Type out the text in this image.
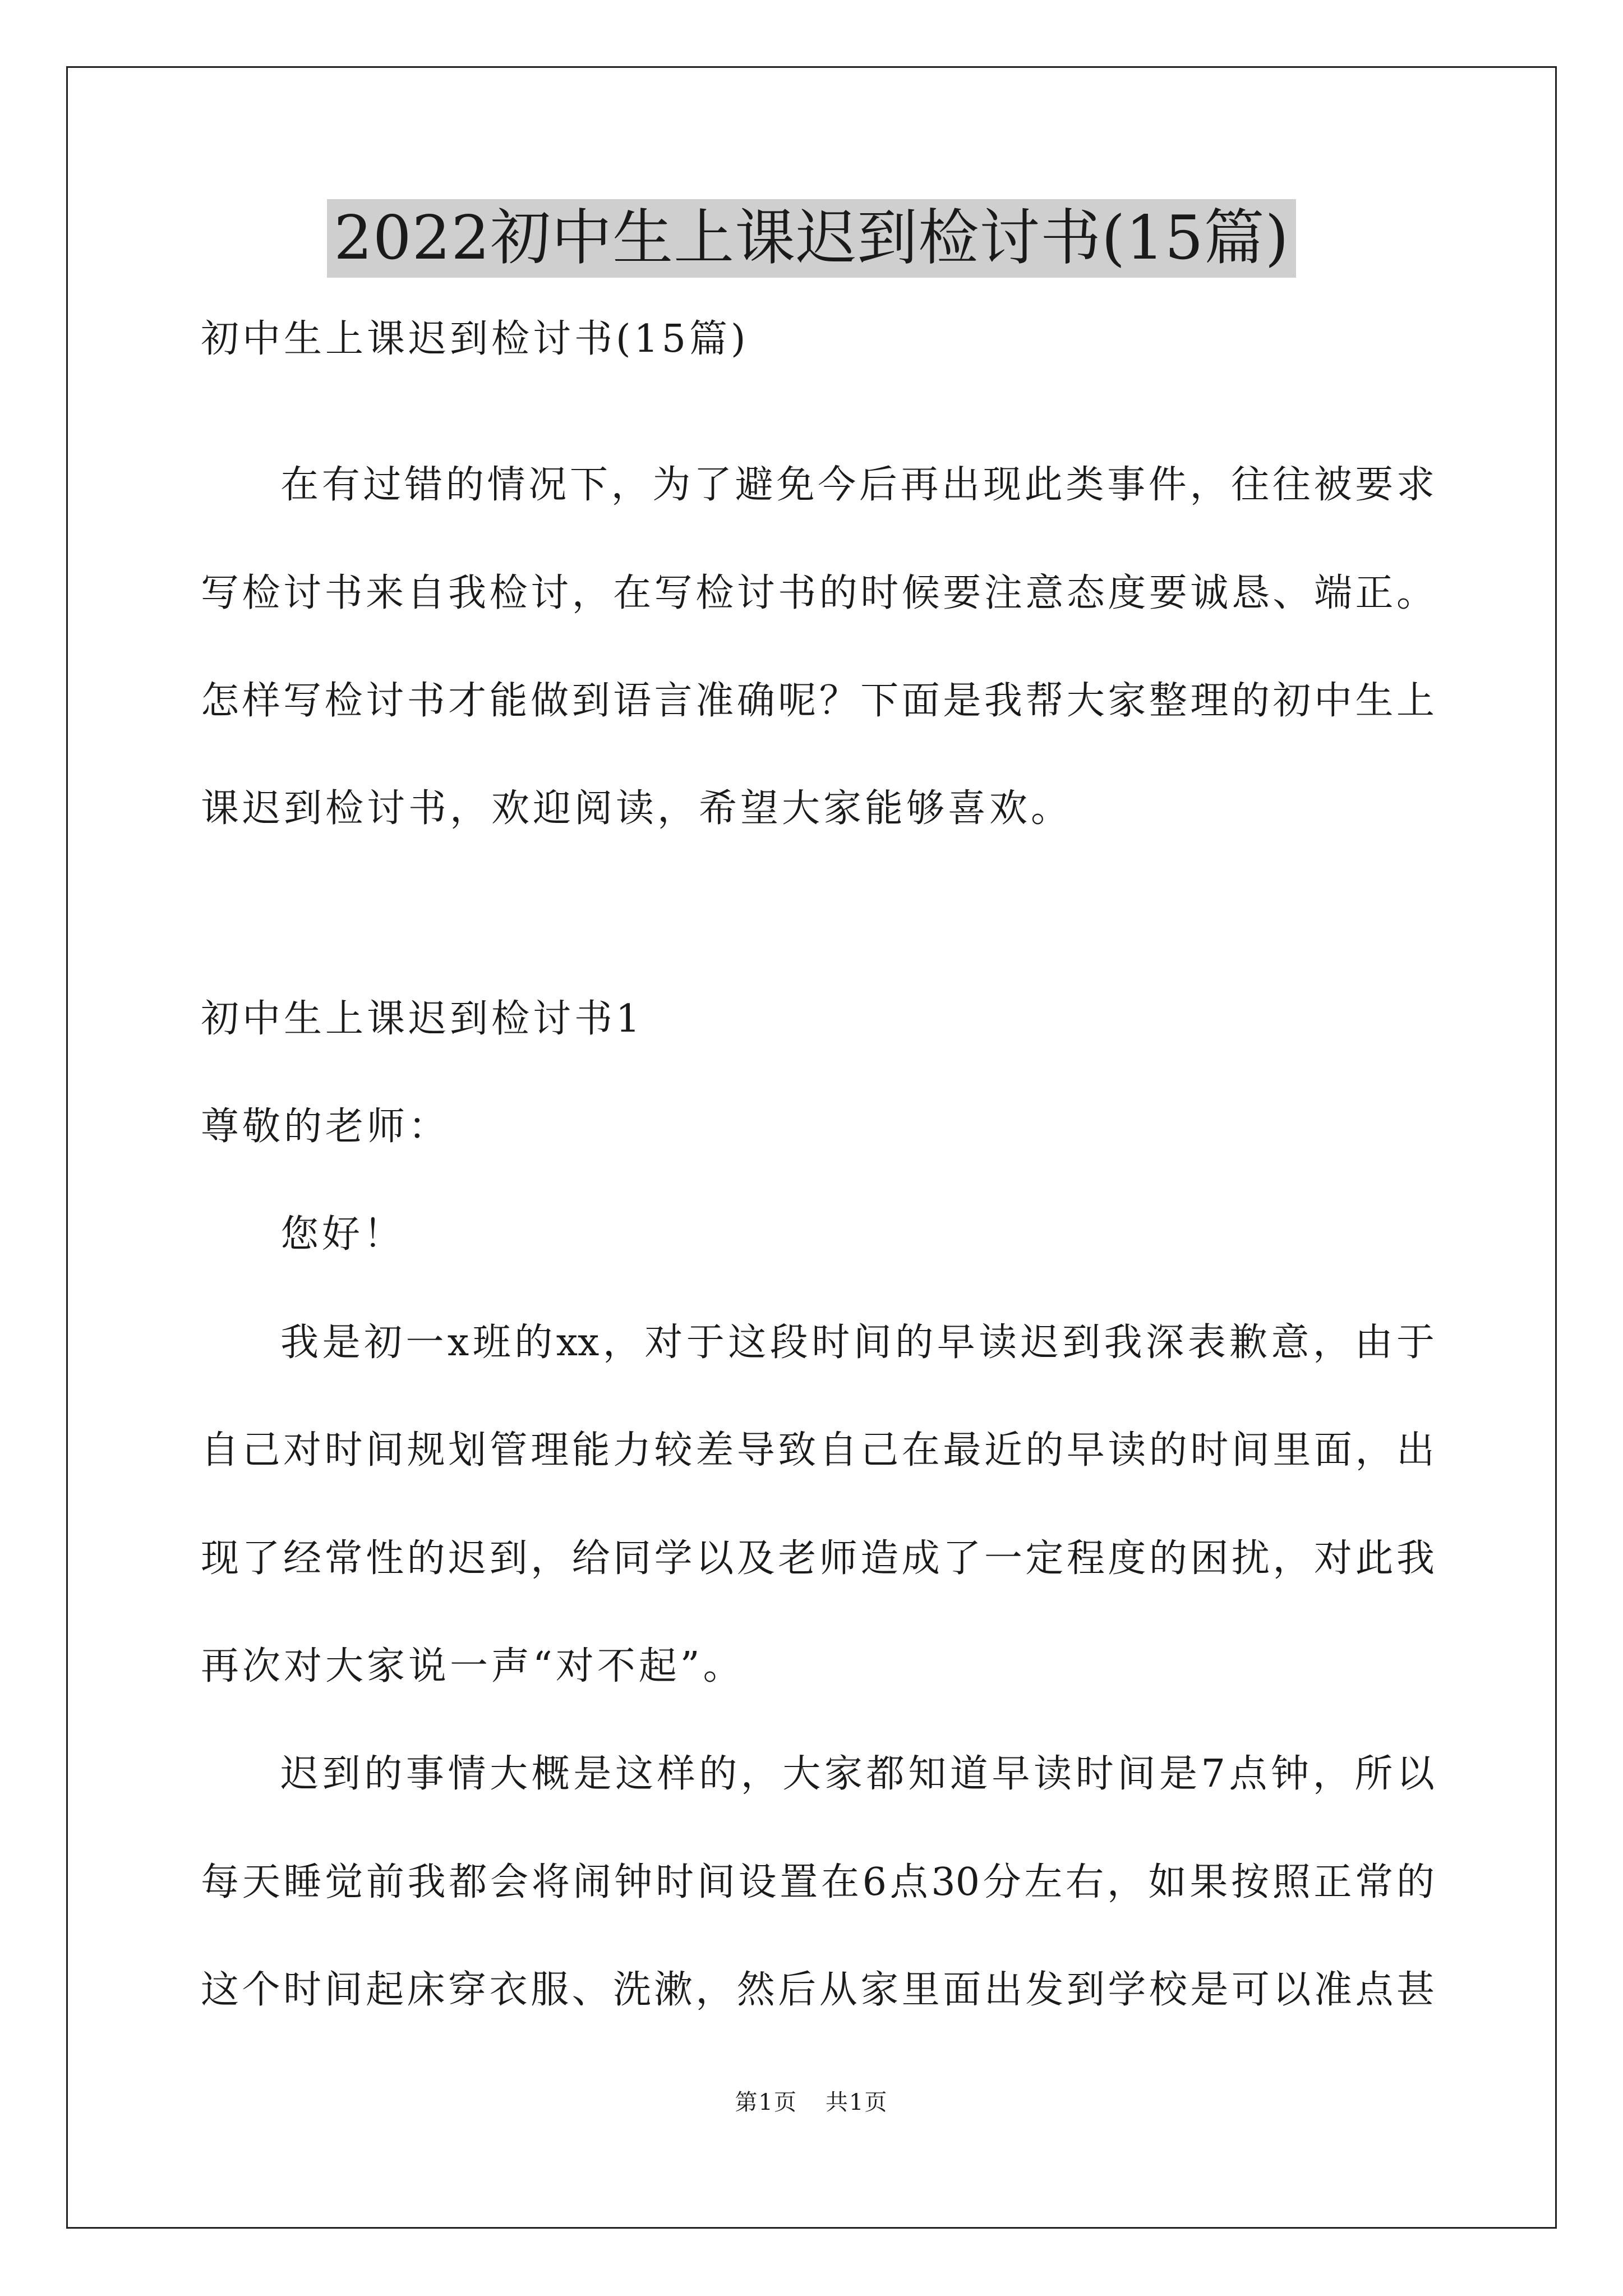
2022初中生上课迟到检讨书(15篇)
初中生上课迟到检讨书(15篇)
在有过错的情况下，为了避免今后再出现此类事件，往往被要求
写检讨书来自我检讨，在写检讨书的时候要注意态度要诚恳、端正。
怎样写检讨书才能做到语言准确呢？下面是我帮大家整理的初中生上
课迟到检讨书，欢迎阅读，希望大家能够喜欢。
初中生上课迟到检讨书1
尊敬的老师：
您好！
我是初一x班的xx，对于这段时间的早读迟到我深表歉意，由于
自己对时间规划管理能力较差导致自己在最近的早读的时间里面，出
现了经常性的迟到，给同学以及老师造成了一定程度的困扰，对此我
再次对大家说一声“对不起”。
迟到的事情大概是这样的，大家都知道早读时间是7点钟，所以
每天睡觉前我都会将闹钟时间设置在6点30分左右，如果按照正常的
这个时间起床穿衣服、洗漱，然后从家里面出发到学校是可以准点甚
第1页 共1页
